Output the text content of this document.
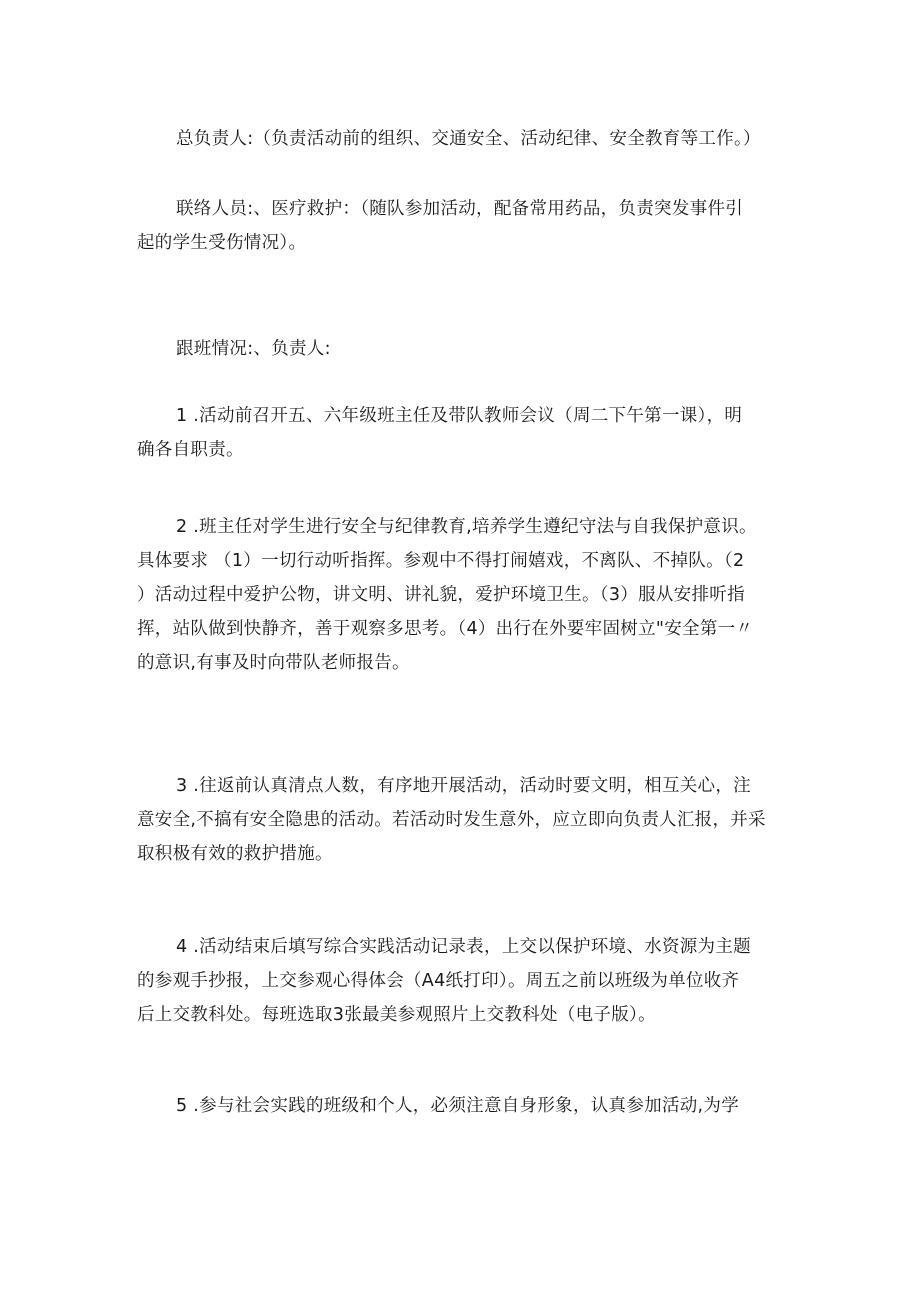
总负责人:（负责活动前的组织、交通安全、活动纪律、安全教育等工作。）
联络人员:、医疗救护：（随队参加活动，配备常用药品，负责突发事件引
起的学生受伤情况）。
跟班情况:、负责人:
1 .活动前召开五、六年级班主任及带队教师会议（周二下午第一课），明
确各自职责。
2 .班主任对学生进行安全与纪律教育,培养学生遵纪守法与自我保护意识。
具体要求 （1）一切行动听指挥。参观中不得打闹嬉戏，不离队、不掉队。（2
）活动过程中爱护公物，讲文明、讲礼貌，爱护环境卫生。（3）服从安排听指
挥，站队做到快静齐，善于观察多思考。（4）出行在外要牢固树立"安全第一〃
的意识,有事及时向带队老师报告。
3 .往返前认真清点人数，有序地开展活动，活动时要文明，相互关心，注
意安全,不搞有安全隐患的活动。若活动时发生意外，应立即向负责人汇报，并采
取积极有效的救护措施。
4 .活动结束后填写综合实践活动记录表，上交以保护环境、水资源为主题
的参观手抄报，上交参观心得体会（A4纸打印）。周五之前以班级为单位收齐
后上交教科处。每班选取3张最美参观照片上交教科处（电子版）。
5 .参与社会实践的班级和个人，必须注意自身形象，认真参加活动,为学
